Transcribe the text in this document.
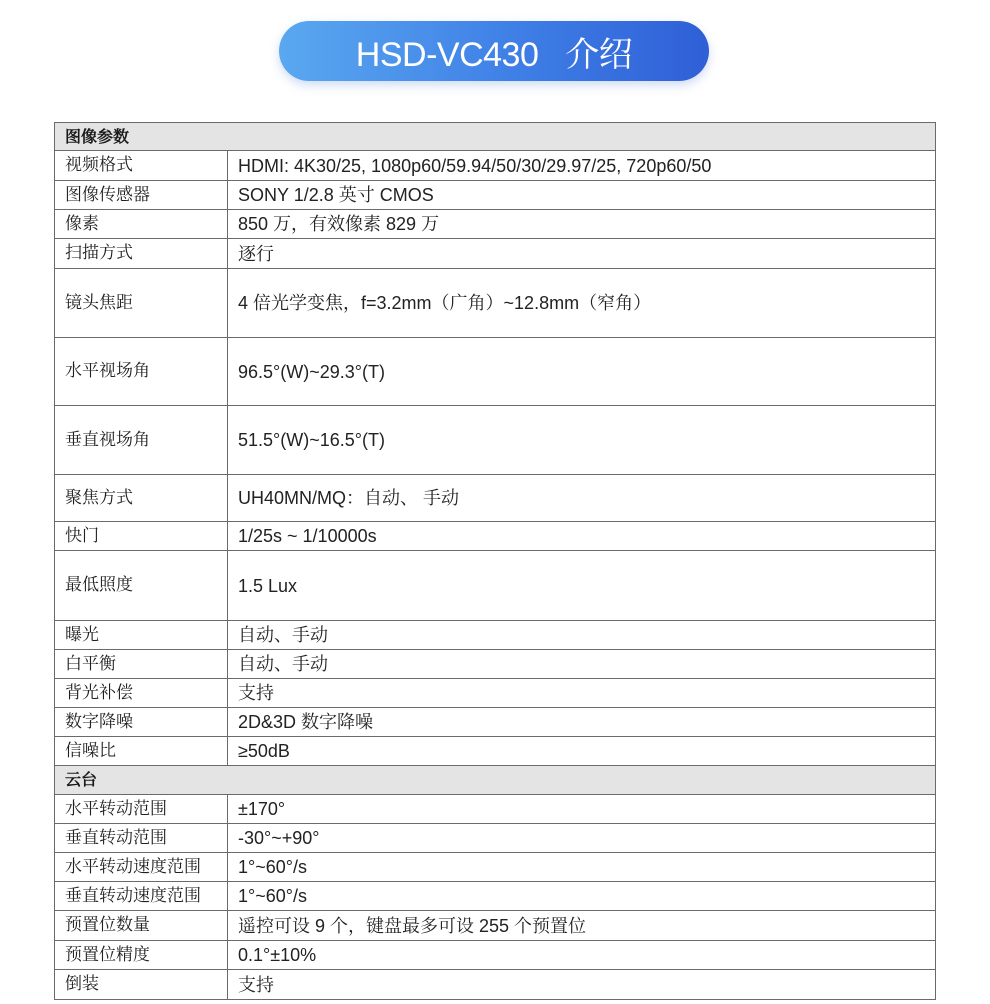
HSD-VC430   介绍
图像参数	
视频格式	HDMI: 4K30/25, 1080p60/59.94/50/30/29.97/25, 720p60/50
图像传感器	SONY 1/2.8 英寸 CMOS
像素	850 万，有效像素 829 万
扫描方式	逐行
镜头焦距	4 倍光学变焦，f=3.2mm（广角）~12.8mm（窄角）
水平视场角	96.5°(W)~29.3°(T)
垂直视场角	51.5°(W)~16.5°(T)
聚焦方式	UH40MN/MQ：自动、 手动
快门	1/25s ~ 1/10000s
最低照度	1.5 Lux
曝光	自动、手动
白平衡	自动、手动
背光补偿	支持
数字降噪	2D&3D 数字降噪
信噪比	≥50dB
云台	
水平转动范围	±170°
垂直转动范围	-30°~+90°
水平转动速度范围	1°~60°/s
垂直转动速度范围	1°~60°/s
预置位数量	遥控可设 9 个，键盘最多可设 255 个预置位
预置位精度	0.1°±10%
倒装	支持
